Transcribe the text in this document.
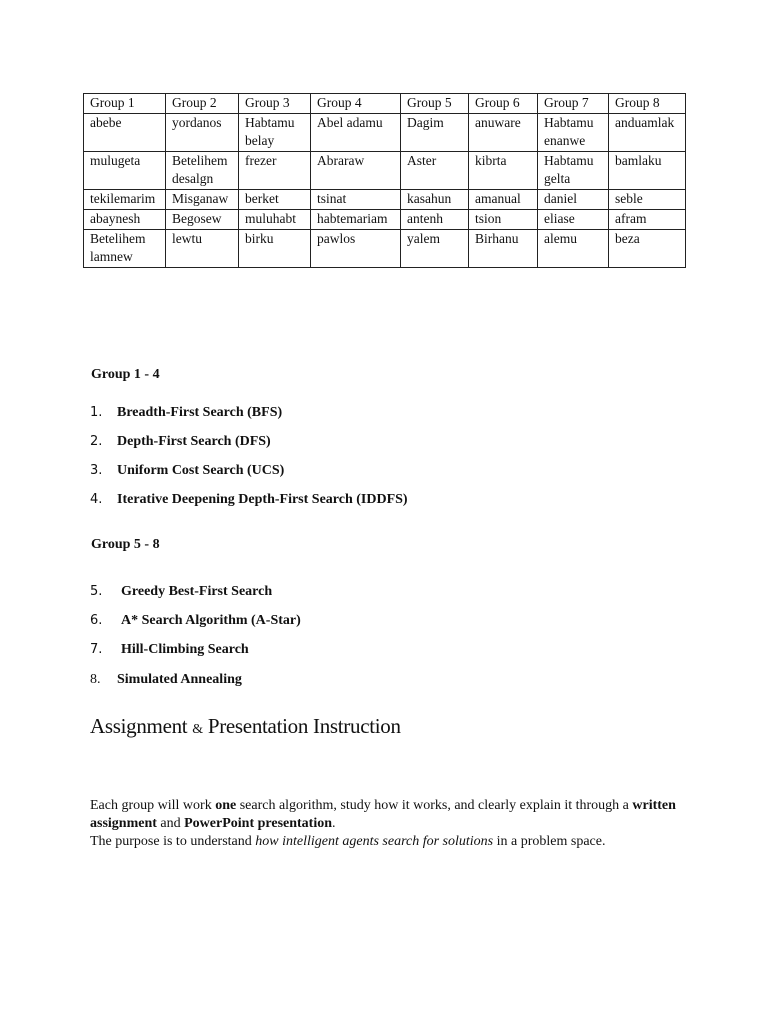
Group 1	Group 2	Group 3	Group 4	Group 5	Group 6	Group 7	Group 8
abebe	yordanos	Habtamu belay	Abel adamu	Dagim	anuware	Habtamu enanwe	anduamlak
mulugeta	Betelihem desalgn	frezer	Abraraw	Aster	kibrta	Habtamu gelta	bamlaku
tekilemarim	Misganaw	berket	tsinat	kasahun	amanual	daniel	seble
abaynesh	Begosew	muluhabt	habtemariam	antenh	tsion	eliase	afram
Betelihem lamnew	lewtu	birku	pawlos	yalem	Birhanu	alemu	beza
Group 1 - 4
1.	Breadth-First Search (BFS)
2.	Depth-First Search (DFS)
3.	Uniform Cost Search (UCS)
4.	Iterative Deepening Depth-First Search (IDDFS)
Group 5 - 8
5.	Greedy Best-First Search
6.	A* Search Algorithm (A-Star)
7.	Hill-Climbing Search
8.	Simulated Annealing
Assignment & Presentation Instruction
Each group will work one search algorithm, study how it works, and clearly explain it through a written assignment and PowerPoint presentation.
The purpose is to understand how intelligent agents search for solutions in a problem space.
